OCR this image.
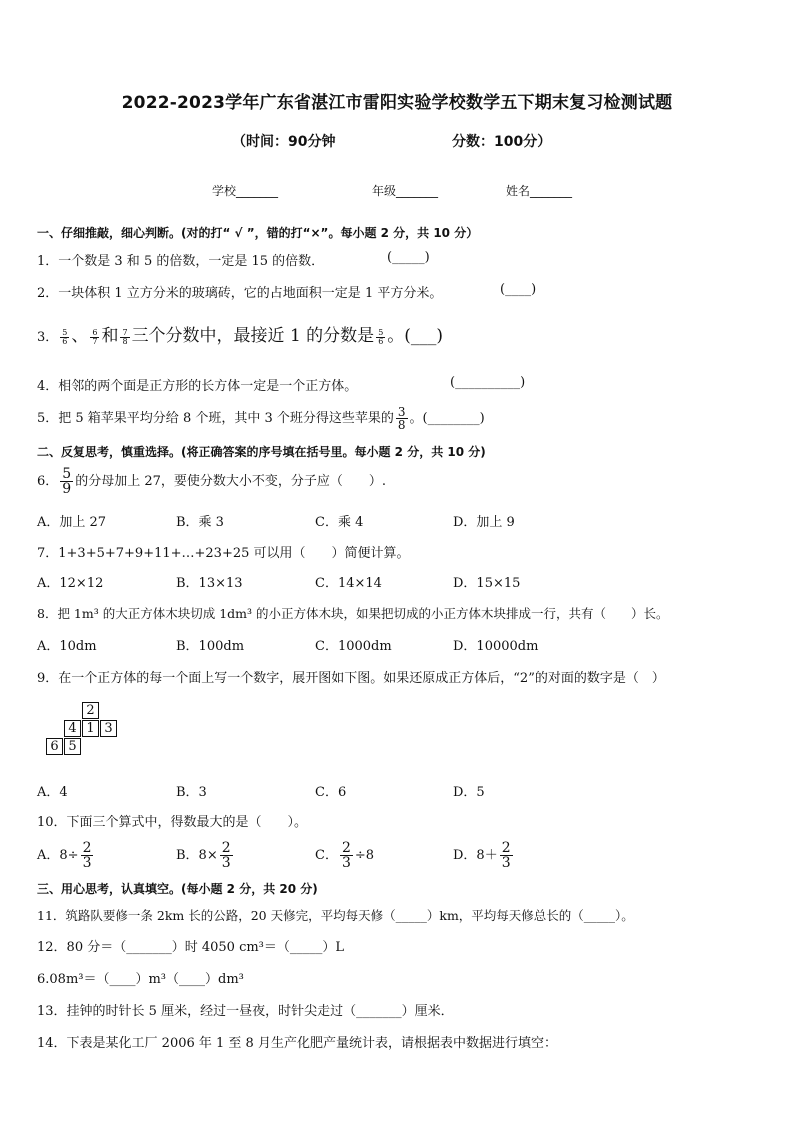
2022-2023学年广东省湛江市雷阳实验学校数学五下期末复习检测试题
（时间：90分钟	分数：100分）
学校_______	年级_______	姓名_______
一、仔细推敲，细心判断。(对的打“ √ ”，错的打“×”。每小题 2 分，共 10 分）
1．一个数是 3 和 5 的倍数，一定是 15 的倍数．	(_____)
2．一块体积 1 立方分米的玻璃砖，它的占地面积一定是 1 平方分米。	(____)
3． $\frac{5}{6}$ 、 $\frac{6}{7}$ 和 $\frac{7}{8}$ 三个分数中，最接近 1 的分数是 $\frac{5}{6}$ 。(___)
4．相邻的两个面是正方形的长方体一定是一个正方体。	(__________)
5．把 5 箱苹果平均分给 8 个班，其中 3 个班分得这些苹果的 $\frac{3}{8}$ 。(________)
二、反复思考，慎重选择。(将正确答案的序号填在括号里。每小题 2 分，共 10 分)
6． $\frac{5}{9}$ 的分母加上 27，要使分数大小不变，分子应（　　）.
A．加上 27	B．乘 3	C．乘 4	D．加上 9
7．1+3+5+7+9+11+…+23+25 可以用（　　）简便计算。
A．12×12	B．13×13	C．14×14	D．15×15
8．把 1m³ 的大正方体木块切成 1dm³ 的小正方体木块，如果把切成的小正方体木块排成一行，共有（　　）长。
A．10dm	B．100dm	C．1000dm	D．10000dm
9．在一个正方体的每一个面上写一个数字，展开图如下图。如果还原成正方体后，“2”的对面的数字是（　）
2
4 1 3
6 5
A．4	B．3	C．6	D．5
10．下面三个算式中，得数最大的是（　　）。
A．$8\div \frac{2}{3}$	B．$8\times \frac{2}{3}$	C． $\frac{2}{3} \div 8$	D．$8+ \frac{2}{3}$
三、用心思考，认真填空。(每小题 2 分，共 20 分)
11．筑路队要修一条 2km 长的公路，20 天修完，平均每天修（_____）km，平均每天修总长的（_____）。
12．80 分＝（_______）时 4050 cm³＝（_____）L
6.08m³＝（____）m³（____）dm³
13．挂钟的时针长 5 厘米，经过一昼夜，时针尖走过（_______）厘米．
14．下表是某化工厂 2006 年 1 至 8 月生产化肥产量统计表，请根据表中数据进行填空：
